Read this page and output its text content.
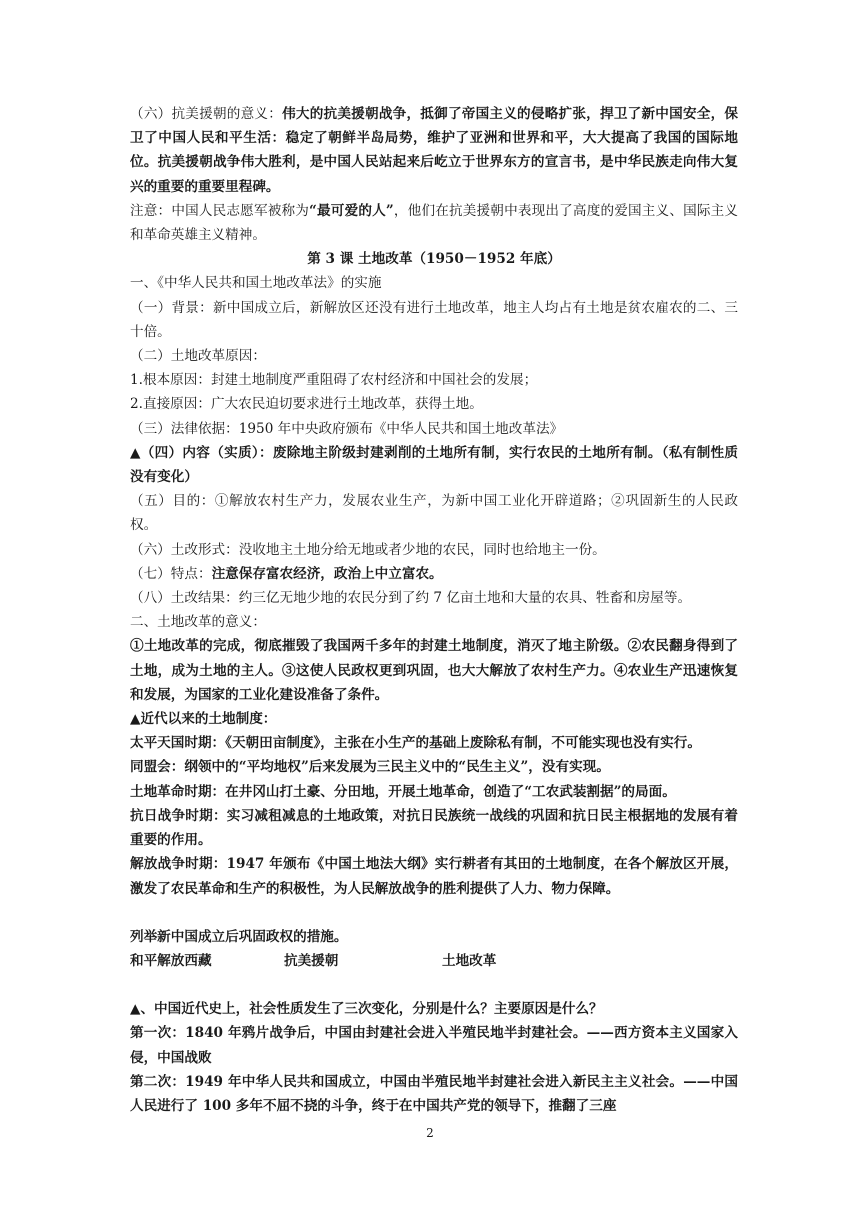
（六）抗美援朝的意义：伟大的抗美援朝战争，抵御了帝国主义的侵略扩张，捍卫了新中国安全，保卫了中国人民和平生活：稳定了朝鲜半岛局势，维护了亚洲和世界和平，大大提高了我国的国际地位。抗美援朝战争伟大胜利，是中国人民站起来后屹立于世界东方的宣言书，是中华民族走向伟大复兴的重要的重要里程碑。

注意：中国人民志愿军被称为“最可爱的人”，他们在抗美援朝中表现出了高度的爱国主义、国际主义和革命英雄主义精神。

第 3 课 土地改革（1950－1952 年底）

一、《中华人民共和国土地改革法》的实施

（一）背景：新中国成立后，新解放区还没有进行土地改革，地主人均占有土地是贫农雇农的二、三十倍。

（二）土地改革原因：

1.根本原因：封建土地制度严重阻碍了农村经济和中国社会的发展；

2.直接原因：广大农民迫切要求进行土地改革，获得土地。

（三）法律依据：1950 年中央政府颁布《中华人民共和国土地改革法》

▲（四）内容（实质）：废除地主阶级封建剥削的土地所有制，实行农民的土地所有制。（私有制性质没有变化）

（五）目的：①解放农村生产力，发展农业生产，为新中国工业化开辟道路；②巩固新生的人民政权。

（六）土改形式：没收地主土地分给无地或者少地的农民，同时也给地主一份。

（七）特点：注意保存富农经济，政治上中立富农。

（八）土改结果：约三亿无地少地的农民分到了约 7 亿亩土地和大量的农具、牲畜和房屋等。

二、土地改革的意义：

①土地改革的完成，彻底摧毁了我国两千多年的封建土地制度，消灭了地主阶级。②农民翻身得到了土地，成为土地的主人。③这使人民政权更到巩固，也大大解放了农村生产力。④农业生产迅速恢复和发展，为国家的工业化建设准备了条件。

▲近代以来的土地制度：

太平天国时期：《天朝田亩制度》，主张在小生产的基础上废除私有制，不可能实现也没有实行。

同盟会：纲领中的“平均地权”后来发展为三民主义中的“民生主义”，没有实现。

土地革命时期：在井冈山打土豪、分田地，开展土地革命，创造了“工农武装割据”的局面。

抗日战争时期：实习减租减息的土地政策，对抗日民族统一战线的巩固和抗日民主根据地的发展有着重要的作用。

解放战争时期：1947 年颁布《中国土地法大纲》实行耕者有其田的土地制度，在各个解放区开展，激发了农民革命和生产的积极性，为人民解放战争的胜利提供了人力、物力保障。

列举新中国成立后巩固政权的措施。

和平解放西藏	抗美援朝	土地改革

▲、中国近代史上，社会性质发生了三次变化，分别是什么？主要原因是什么？

第一次：1840 年鸦片战争后，中国由封建社会进入半殖民地半封建社会。——西方资本主义国家入侵，中国战败

第二次：1949 年中华人民共和国成立，中国由半殖民地半封建社会进入新民主主义社会。——中国人民进行了 100 多年不屈不挠的斗争，终于在中国共产党的领导下，推翻了三座

2
